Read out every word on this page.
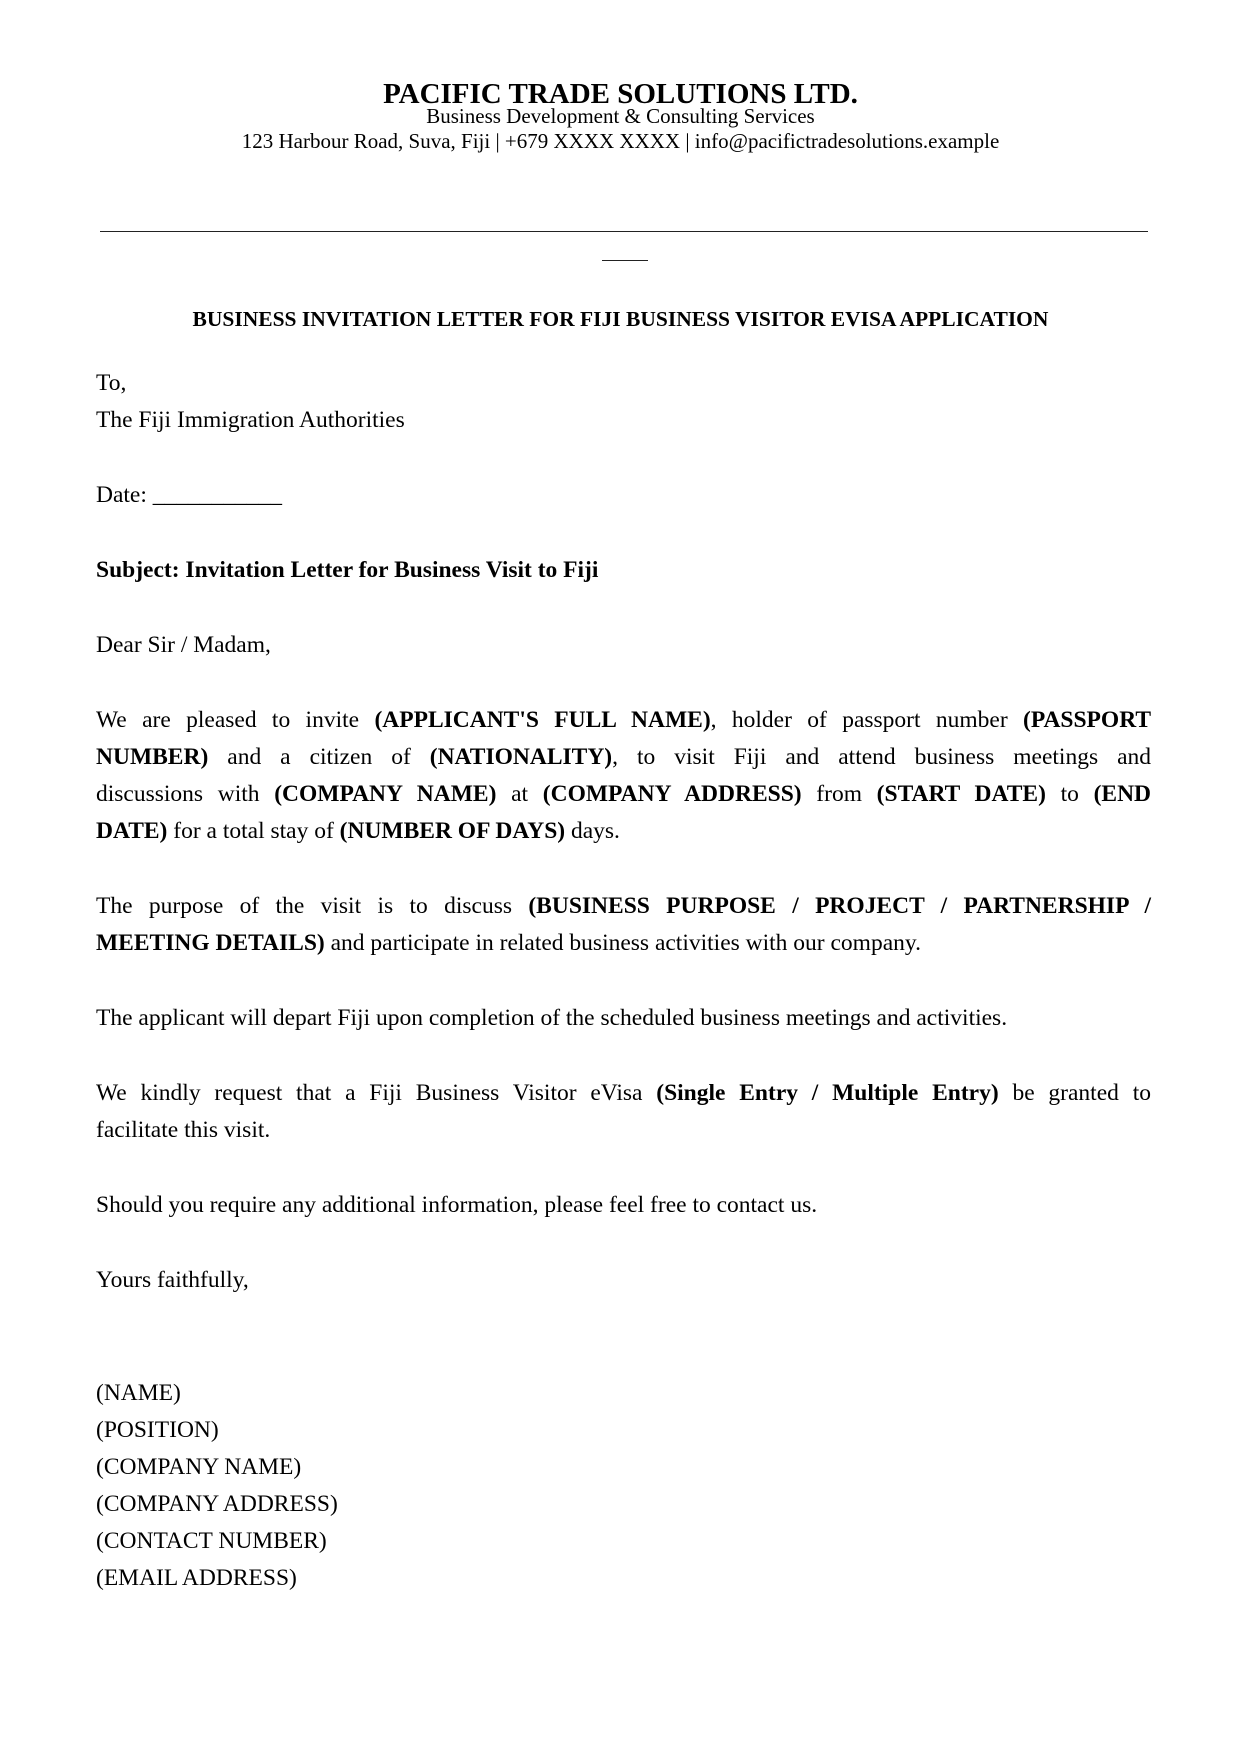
PACIFIC TRADE SOLUTIONS LTD.
Business Development & Consulting Services
123 Harbour Road, Suva, Fiji | +679 XXXX XXXX | info@pacifictradesolutions.example
BUSINESS INVITATION LETTER FOR FIJI BUSINESS VISITOR EVISA APPLICATION
To,
The Fiji Immigration Authorities
Date: ___________
Subject: Invitation Letter for Business Visit to Fiji
Dear Sir / Madam,
We are pleased to invite (APPLICANT'S FULL NAME), holder of passport number (PASSPORT
NUMBER) and a citizen of (NATIONALITY), to visit Fiji and attend business meetings and
discussions with (COMPANY NAME) at (COMPANY ADDRESS) from (START DATE) to (END
DATE) for a total stay of (NUMBER OF DAYS) days.
The purpose of the visit is to discuss (BUSINESS PURPOSE / PROJECT / PARTNERSHIP /
MEETING DETAILS) and participate in related business activities with our company.
The applicant will depart Fiji upon completion of the scheduled business meetings and activities.
We kindly request that a Fiji Business Visitor eVisa (Single Entry / Multiple Entry) be granted to
facilitate this visit.
Should you require any additional information, please feel free to contact us.
Yours faithfully,
(NAME)
(POSITION)
(COMPANY NAME)
(COMPANY ADDRESS)
(CONTACT NUMBER)
(EMAIL ADDRESS)
